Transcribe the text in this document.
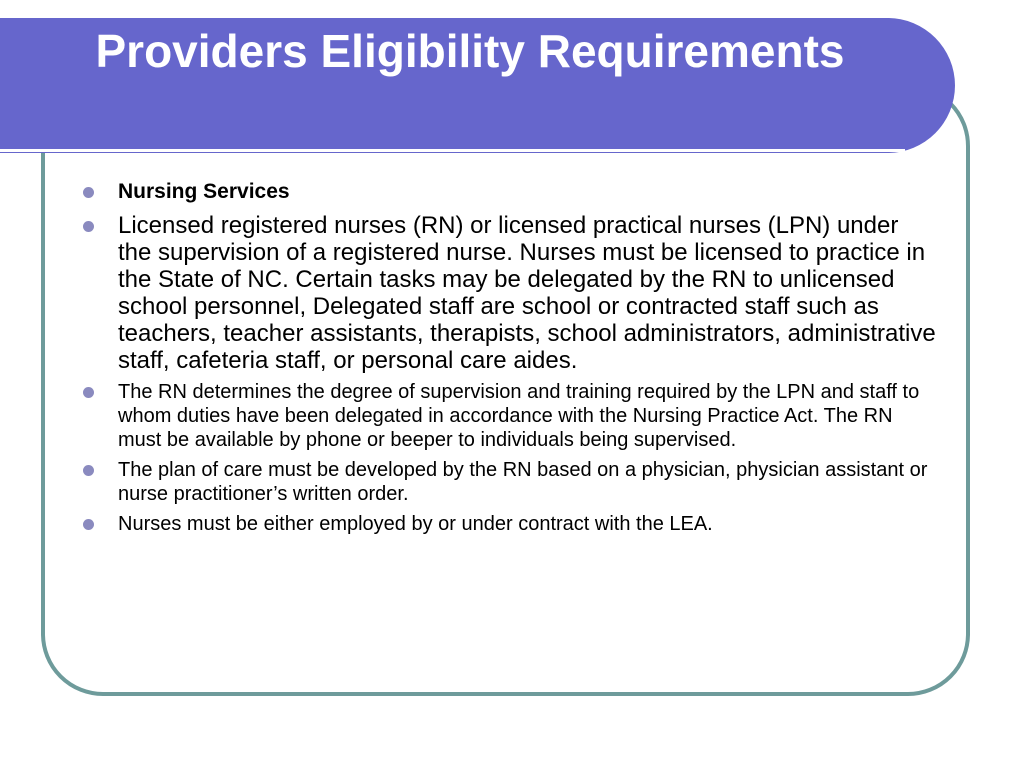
Providers Eligibility Requirements
Nursing Services
Licensed registered nurses (RN) or licensed practical nurses (LPN) under the supervision of a registered nurse. Nurses must be licensed to practice in the State of NC. Certain tasks may be delegated by the RN to unlicensed school personnel, Delegated staff are school or contracted staff such as teachers, teacher assistants, therapists, school administrators, administrative staff, cafeteria staff, or personal care aides.
The RN determines the degree of supervision and training required by the LPN and staff to whom duties have been delegated in accordance with the Nursing Practice Act. The RN must be available by phone or beeper to individuals being supervised.
The plan of care must be developed by the RN based on a physician, physician assistant or nurse practitioner’s written order.
Nurses must be either employed by or under contract with the LEA.
